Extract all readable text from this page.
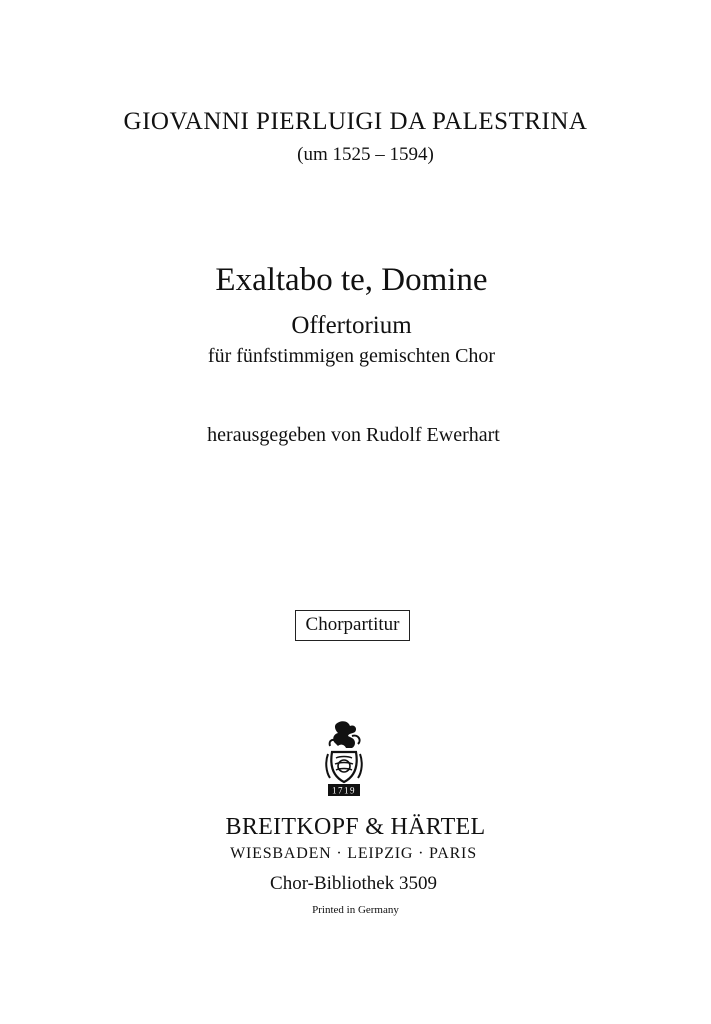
GIOVANNI PIERLUIGI DA PALESTRINA
(um 1525 – 1594)
Exaltabo te, Domine
Offertorium
für fünfstimmigen gemischten Chor
herausgegeben von Rudolf Ewerhart
Chorpartitur
1719
BREITKOPF & HÄRTEL
WIESBADEN · LEIPZIG · PARIS
Chor-Bibliothek 3509
Printed in Germany
